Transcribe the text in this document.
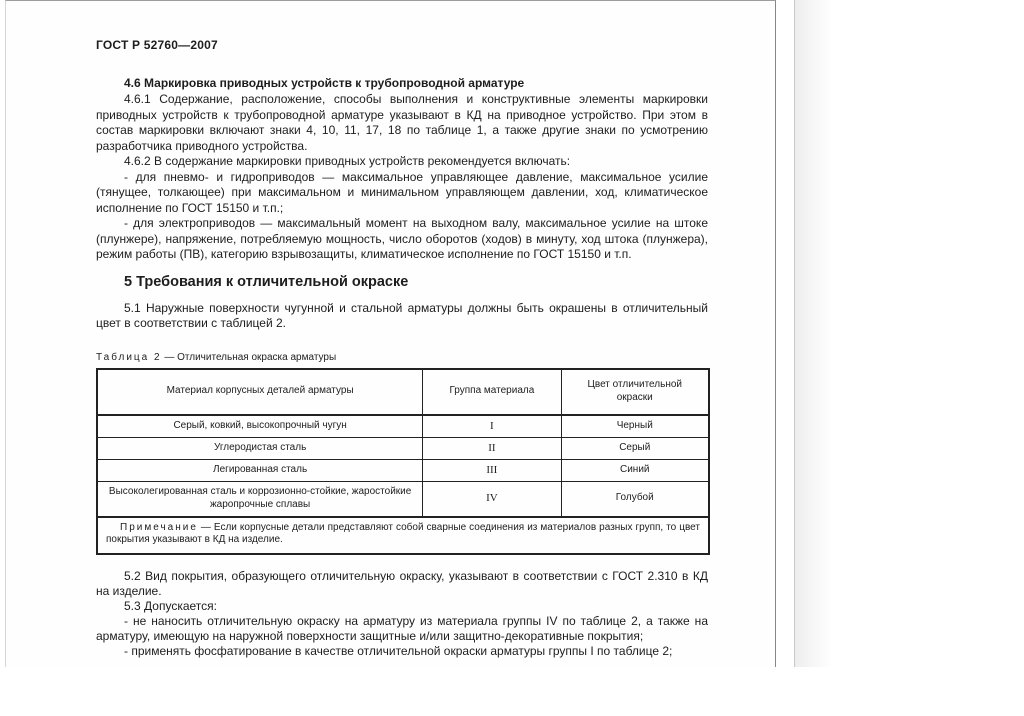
ГОСТ Р 52760—2007

4.6 Маркировка приводных устройств к трубопроводной арматуре

4.6.1 Содержание, расположение, способы выполнения и конструктивные элементы маркировки приводных устройств к трубопроводной арматуре указывают в КД на приводное устройство. При этом в состав маркировки включают знаки 4, 10, 11, 17, 18 по таблице 1, а также другие знаки по усмотрению разработчика приводного устройства.

4.6.2 В содержание маркировки приводных устройств рекомендуется включать:

- для пневмо- и гидроприводов — максимальное управляющее давление, максимальное усилие (тянущее, толкающее) при максимальном и минимальном управляющем давлении, ход, климатическое исполнение по ГОСТ 15150 и т.п.;

- для электроприводов — максимальный момент на выходном валу, максимальное усилие на штоке (плунжере), напряжение, потребляемую мощность, число оборотов (ходов) в минуту, ход штока (плунжера), режим работы (ПВ), категорию взрывозащиты, климатическое исполнение по ГОСТ 15150 и т.п.

5 Требования к отличительной окраске

5.1 Наружные поверхности чугунной и стальной арматуры должны быть окрашены в отличительный цвет в соответствии с таблицей 2.

Таблица 2 — Отличительная окраска арматуры
Материал корпусных деталей арматуры	Группа материала	Цвет отличительной окраски
Серый, ковкий, высокопрочный чугун	I	Черный
Углеродистая сталь	II	Серый
Легированная сталь	III	Синий
Высоколегированная сталь и коррозионно-стойкие, жаростойкие жаропрочные сплавы	IV	Голубой
Примечание — Если корпусные детали представляют собой сварные соединения из материалов разных групп, то цвет покрытия указывают в КД на изделие.		

5.2 Вид покрытия, образующего отличительную окраску, указывают в соответствии с ГОСТ 2.310 в КД на изделие.

5.3 Допускается:

- не наносить отличительную окраску на арматуру из материала группы IV по таблице 2, а также на арматуру, имеющую на наружной поверхности защитные и/или защитно-декоративные покрытия;

- применять фосфатирование в качестве отличительной окраски арматуры группы I по таблице 2;
